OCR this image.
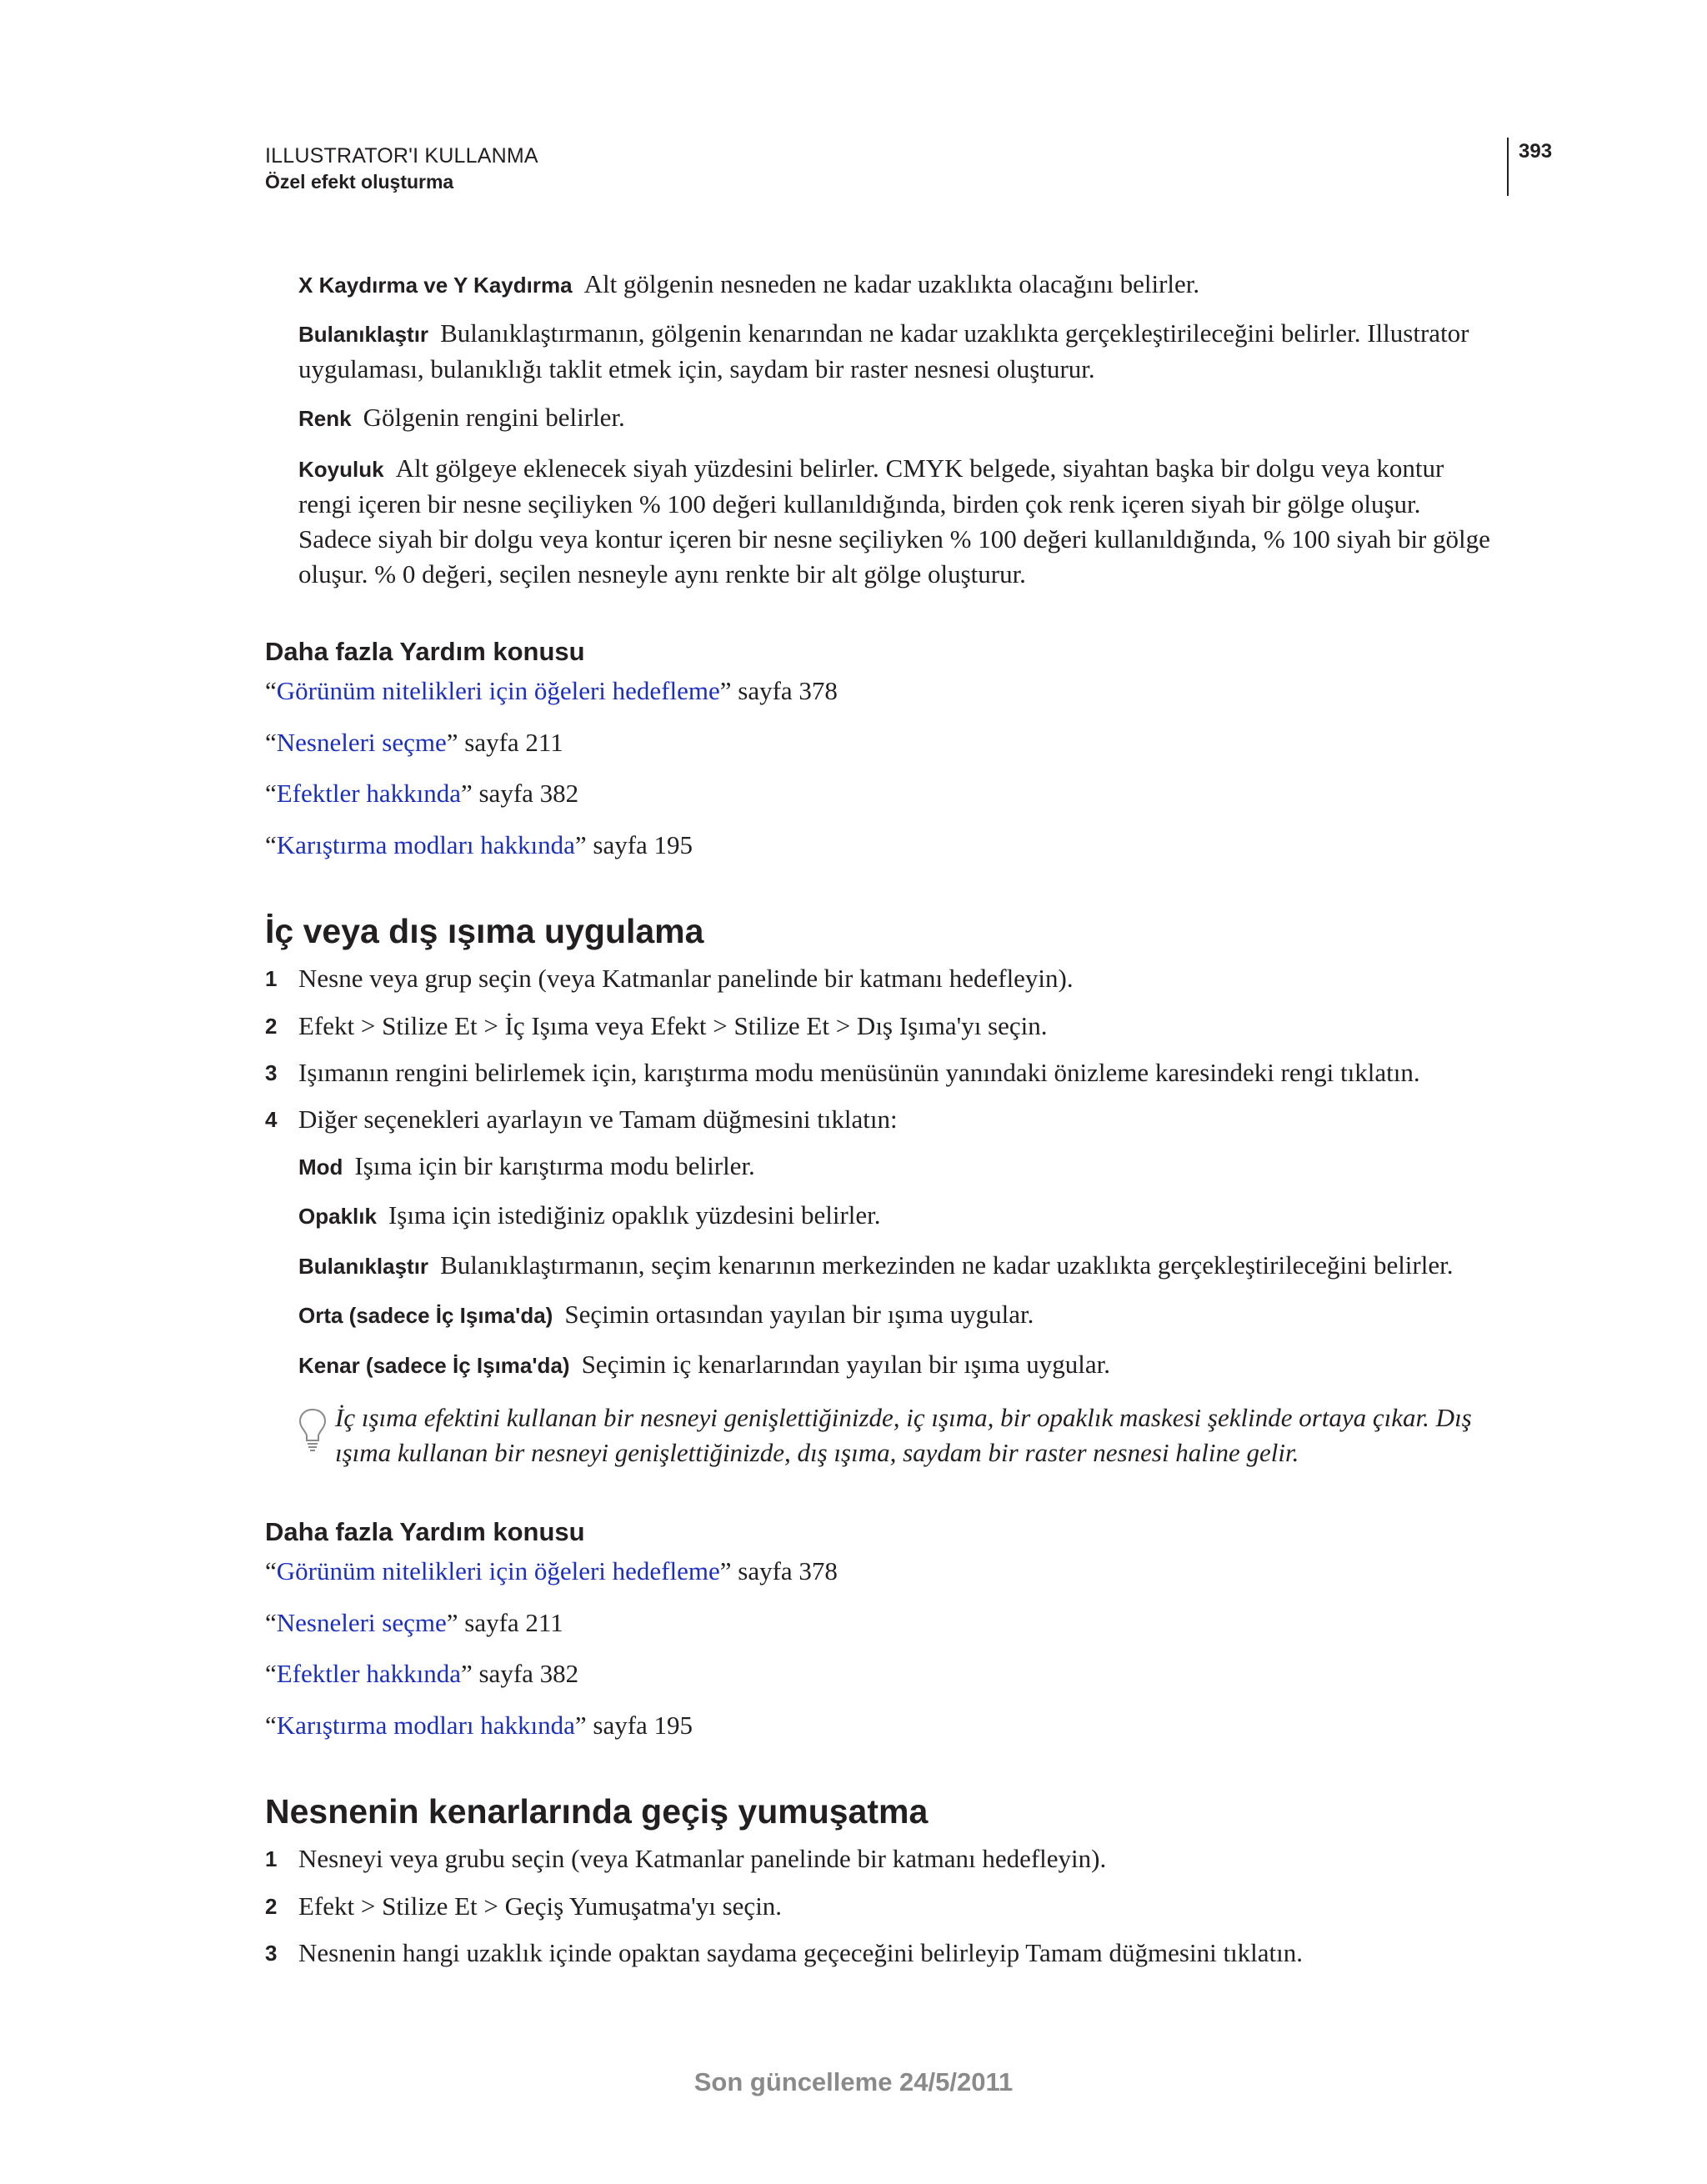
ILLUSTRATOR'I KULLANMA
Özel efekt oluşturma
393

X Kaydırma ve Y Kaydırma Alt gölgenin nesneden ne kadar uzaklıkta olacağını belirler.

Bulanıklaştır Bulanıklaştırmanın, gölgenin kenarından ne kadar uzaklıkta gerçekleştirileceğini belirler. Illustrator uygulaması, bulanıklığı taklit etmek için, saydam bir raster nesnesi oluşturur.

Renk Gölgenin rengini belirler.

Koyuluk Alt gölgeye eklenecek siyah yüzdesini belirler. CMYK belgede, siyahtan başka bir dolgu veya kontur rengi içeren bir nesne seçiliyken % 100 değeri kullanıldığında, birden çok renk içeren siyah bir gölge oluşur. Sadece siyah bir dolgu veya kontur içeren bir nesne seçiliyken % 100 değeri kullanıldığında, % 100 siyah bir gölge oluşur. % 0 değeri, seçilen nesneyle aynı renkte bir alt gölge oluşturur.

Daha fazla Yardım konusu

“Görünüm nitelikleri için öğeleri hedefleme” sayfa 378

“Nesneleri seçme” sayfa 211

“Efektler hakkında” sayfa 382

“Karıştırma modları hakkında” sayfa 195

İç veya dış ışıma uygulama

1 Nesne veya grup seçin (veya Katmanlar panelinde bir katmanı hedefleyin).
2 Efekt > Stilize Et > İç Işıma veya Efekt > Stilize Et > Dış Işıma'yı seçin.
3 Işımanın rengini belirlemek için, karıştırma modu menüsünün yanındaki önizleme karesindeki rengi tıklatın.
4 Diğer seçenekleri ayarlayın ve Tamam düğmesini tıklatın:

Mod Işıma için bir karıştırma modu belirler.

Opaklık Işıma için istediğiniz opaklık yüzdesini belirler.

Bulanıklaştır Bulanıklaştırmanın, seçim kenarının merkezinden ne kadar uzaklıkta gerçekleştirileceğini belirler.

Orta (sadece İç Işıma'da) Seçimin ortasından yayılan bir ışıma uygular.

Kenar (sadece İç Işıma'da) Seçimin iç kenarlarından yayılan bir ışıma uygular.

İç ışıma efektini kullanan bir nesneyi genişlettiğinizde, iç ışıma, bir opaklık maskesi şeklinde ortaya çıkar. Dış ışıma kullanan bir nesneyi genişlettiğinizde, dış ışıma, saydam bir raster nesnesi haline gelir.

Daha fazla Yardım konusu

“Görünüm nitelikleri için öğeleri hedefleme” sayfa 378

“Nesneleri seçme” sayfa 211

“Efektler hakkında” sayfa 382

“Karıştırma modları hakkında” sayfa 195

Nesnenin kenarlarında geçiş yumuşatma

1 Nesneyi veya grubu seçin (veya Katmanlar panelinde bir katmanı hedefleyin).
2 Efekt > Stilize Et > Geçiş Yumuşatma'yı seçin.
3 Nesnenin hangi uzaklık içinde opaktan saydama geçeceğini belirleyip Tamam düğmesini tıklatın.
Son güncelleme 24/5/2011
